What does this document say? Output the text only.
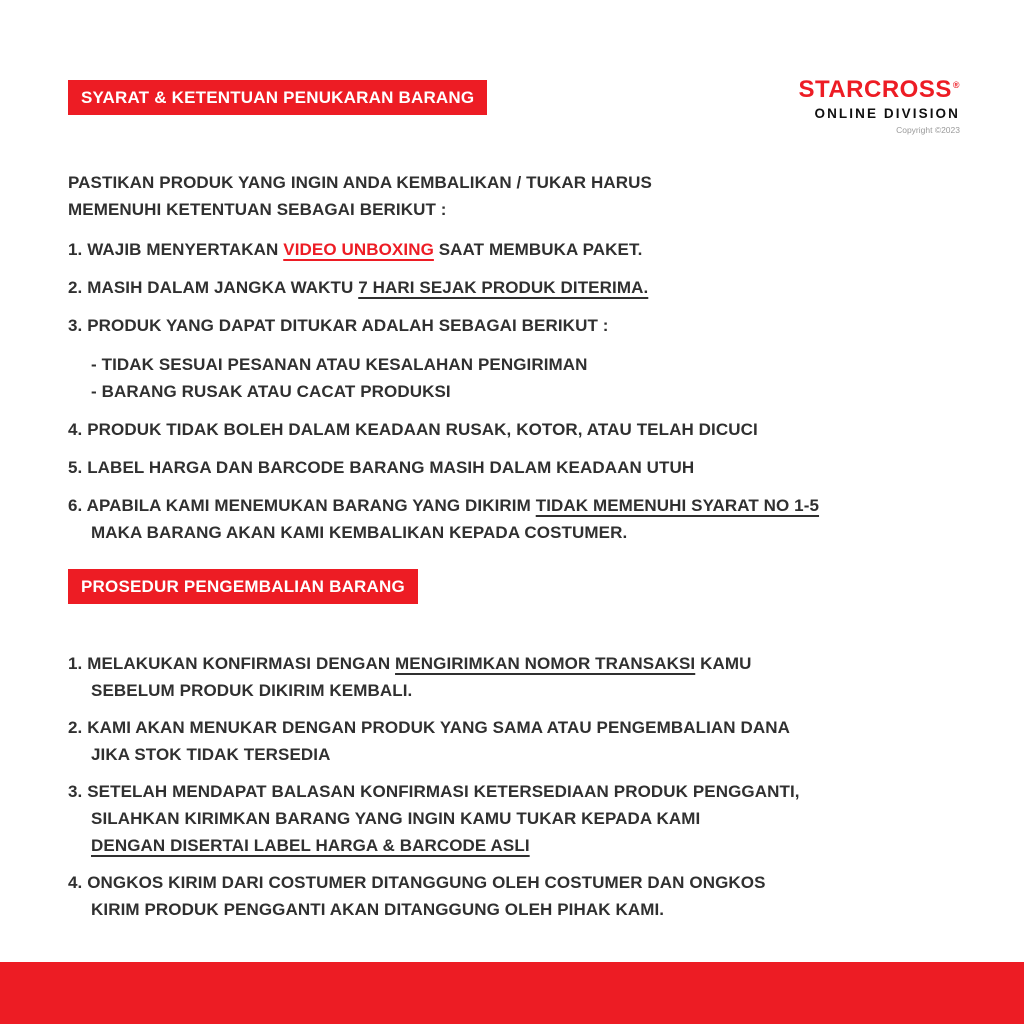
SYARAT & KETENTUAN PENUKARAN BARANG	STARCROSS®
ONLINE DIVISION
Copyright ©2023
PASTIKAN PRODUK YANG INGIN ANDA KEMBALIKAN / TUKAR HARUS
MEMENUHI KETENTUAN SEBAGAI BERIKUT :
1. WAJIB MENYERTAKAN VIDEO UNBOXING SAAT MEMBUKA PAKET.
2. MASIH DALAM JANGKA WAKTU 7 HARI SEJAK PRODUK DITERIMA.
3. PRODUK YANG DAPAT DITUKAR ADALAH SEBAGAI BERIKUT :
- TIDAK SESUAI PESANAN ATAU KESALAHAN PENGIRIMAN
- BARANG RUSAK ATAU CACAT PRODUKSI
4. PRODUK TIDAK BOLEH DALAM KEADAAN RUSAK, KOTOR, ATAU TELAH DICUCI
5. LABEL HARGA DAN BARCODE BARANG MASIH DALAM KEADAAN UTUH
6. APABILA KAMI MENEMUKAN BARANG YANG DIKIRIM TIDAK MEMENUHI SYARAT NO 1-5
MAKA BARANG AKAN KAMI KEMBALIKAN KEPADA COSTUMER.
PROSEDUR PENGEMBALIAN BARANG
1. MELAKUKAN KONFIRMASI DENGAN MENGIRIMKAN NOMOR TRANSAKSI KAMU
SEBELUM PRODUK DIKIRIM KEMBALI.
2. KAMI AKAN MENUKAR DENGAN PRODUK YANG SAMA ATAU PENGEMBALIAN DANA
JIKA STOK TIDAK TERSEDIA
3. SETELAH MENDAPAT BALASAN KONFIRMASI KETERSEDIAAN PRODUK PENGGANTI,
SILAHKAN KIRIMKAN BARANG YANG INGIN KAMU TUKAR KEPADA KAMI
DENGAN DISERTAI LABEL HARGA & BARCODE ASLI
4. ONGKOS KIRIM DARI COSTUMER DITANGGUNG OLEH COSTUMER DAN ONGKOS
KIRIM PRODUK PENGGANTI AKAN DITANGGUNG OLEH PIHAK KAMI.
